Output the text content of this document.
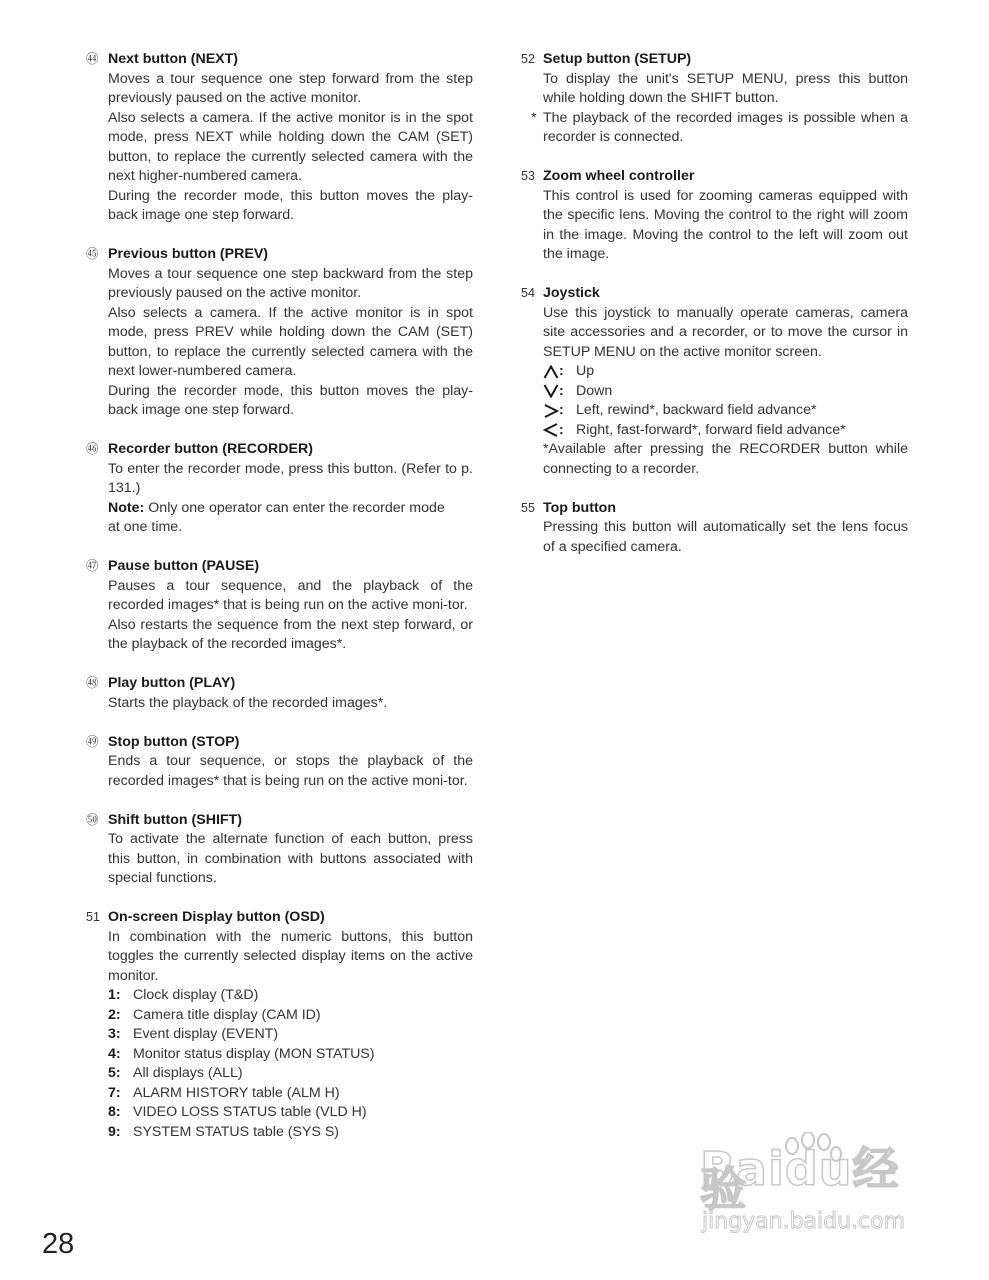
㊹ Next button (NEXT)

Moves a tour sequence one step forward from the step previously paused on the active monitor.

Also selects a camera. If the active monitor is in the spot mode, press NEXT while holding down the CAM (SET) button, to replace the currently selected camera with the next higher-numbered camera.

During the recorder mode, this button moves the play-back image one step forward.

㊺ Previous button (PREV)

Moves a tour sequence one step backward from the step previously paused on the active monitor.

Also selects a camera. If the active monitor is in spot mode, press PREV while holding down the CAM (SET) button, to replace the currently selected camera with the next lower-numbered camera.

During the recorder mode, this button moves the play-back image one step forward.

㊻ Recorder button (RECORDER)

To enter the recorder mode, press this button. (Refer to p. 131.)

Note: Only one operator can enter the recorder mode
at one time.
㊼ Pause button (PAUSE)

Pauses a tour sequence, and the playback of the recorded images* that is being run on the active moni-tor.

Also restarts the sequence from the next step forward, or the playback of the recorded images*.

㊽ Play button (PLAY)

Starts the playback of the recorded images*.

㊾ Stop button (STOP)

Ends a tour sequence, or stops the playback of the recorded images* that is being run on the active moni-tor.

㊿ Shift button (SHIFT)

To activate the alternate function of each button, press this button, in combination with buttons associated with special functions.

51 On-screen Display button (OSD)

In combination with the numeric buttons, this button toggles the currently selected display items on the active monitor.

1: Clock display (T&D)
2: Camera title display (CAM ID)
3: Event display (EVENT)
4: Monitor status display (MON STATUS)
5: All displays (ALL)
7: ALARM HISTORY table (ALM H)
8: VIDEO LOSS STATUS table (VLD H)
9: SYSTEM STATUS table (SYS S)
52 Setup button (SETUP)

To display the unit's SETUP MENU, press this button while holding down the SHIFT button.

* The playback of the recorded images is possible when a recorder is connected.
53 Zoom wheel controller

This control is used for zooming cameras equipped with the specific lens. Moving the control to the right will zoom in the image. Moving the control to the left will zoom out the image.

54 Joystick

Use this joystick to manually operate cameras, camera site accessories and a recorder, or to move the cursor in SETUP MENU on the active monitor screen.

: Up
: Down
: Left, rewind*, backward field advance*
: Right, fast-forward*, forward field advance*

*Available after pressing the RECORDER button while connecting to a recorder.

55 Top button

Pressing this button will automatically set the lens focus of a specified camera.

28
Baidu经验
jingyan.baidu.com
